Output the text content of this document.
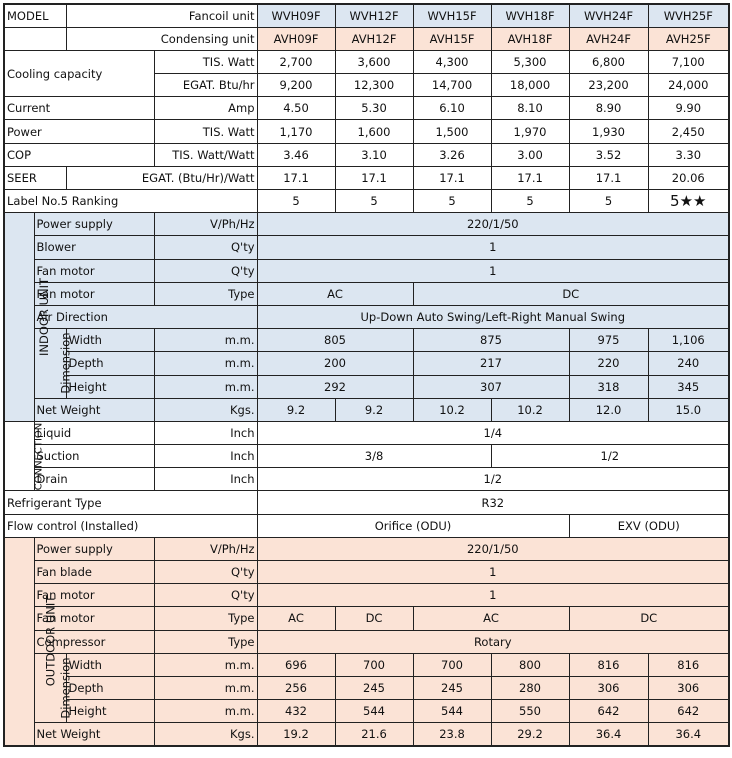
MODEL		Fancoil unit		WVH09F	WVH12F	WVH15F	WVH18F	WVH24F	WVH25F
		Condensing unit		AVH09F	AVH12F	AVH15F	AVH18F	AVH24F	AVH25F
Cooling capacity			TIS. Watt	2,700	3,600	4,300	5,300	6,800	7,100
			EGAT. Btu/hr	9,200	12,300	14,700	18,000	23,200	24,000
Current			Amp	4.50	5.30	6.10	8.10	8.90	9.90
Power			TIS. Watt	1,170	1,600	1,500	1,970	1,930	2,450
COP			TIS. Watt/Watt	3.46	3.10	3.26	3.00	3.52	3.30
SEER		EGAT. (Btu/Hr)/Watt		17.1	17.1	17.1	17.1	17.1	20.06
Label No.5 Ranking				5	5	5	5	5	5★★
INDOOR UNIT	Power supply		V/Ph/Hz	220/1/50					
	Blower		Q'ty	1					
	Fan motor		Q'ty	1					
	Fan motor		Type	AC		DC			
	Air Direction			Up-Down Auto Swing/Left-Right Manual Swing					
	Dimension	Width	m.m.	805		875		975	1,106
		Depth	m.m.	200		217		220	240
		Height	m.m.	292		307		318	345
	Net Weight		Kgs.	9.2	9.2	10.2	10.2	12.0	15.0
CONNECTION	Liquid		Inch	1/4					
	Suction		Inch	3/8			1/2		
	Drain		Inch	1/2					
Refrigerant Type				R32					
Flow control (Installed)				Orifice (ODU)				EXV (ODU)	
OUTDOOR UNIT	Power supply		V/Ph/Hz	220/1/50					
	Fan blade		Q'ty	1					
	Fan motor		Q'ty	1					
	Fan motor		Type	AC	DC	AC		DC	
	Compressor		Type	Rotary					
	Dimension	Width	m.m.	696	700	700	800	816	816
		Depth	m.m.	256	245	245	280	306	306
		Height	m.m.	432	544	544	550	642	642
	Net Weight		Kgs.	19.2	21.6	23.8	29.2	36.4	36.4
